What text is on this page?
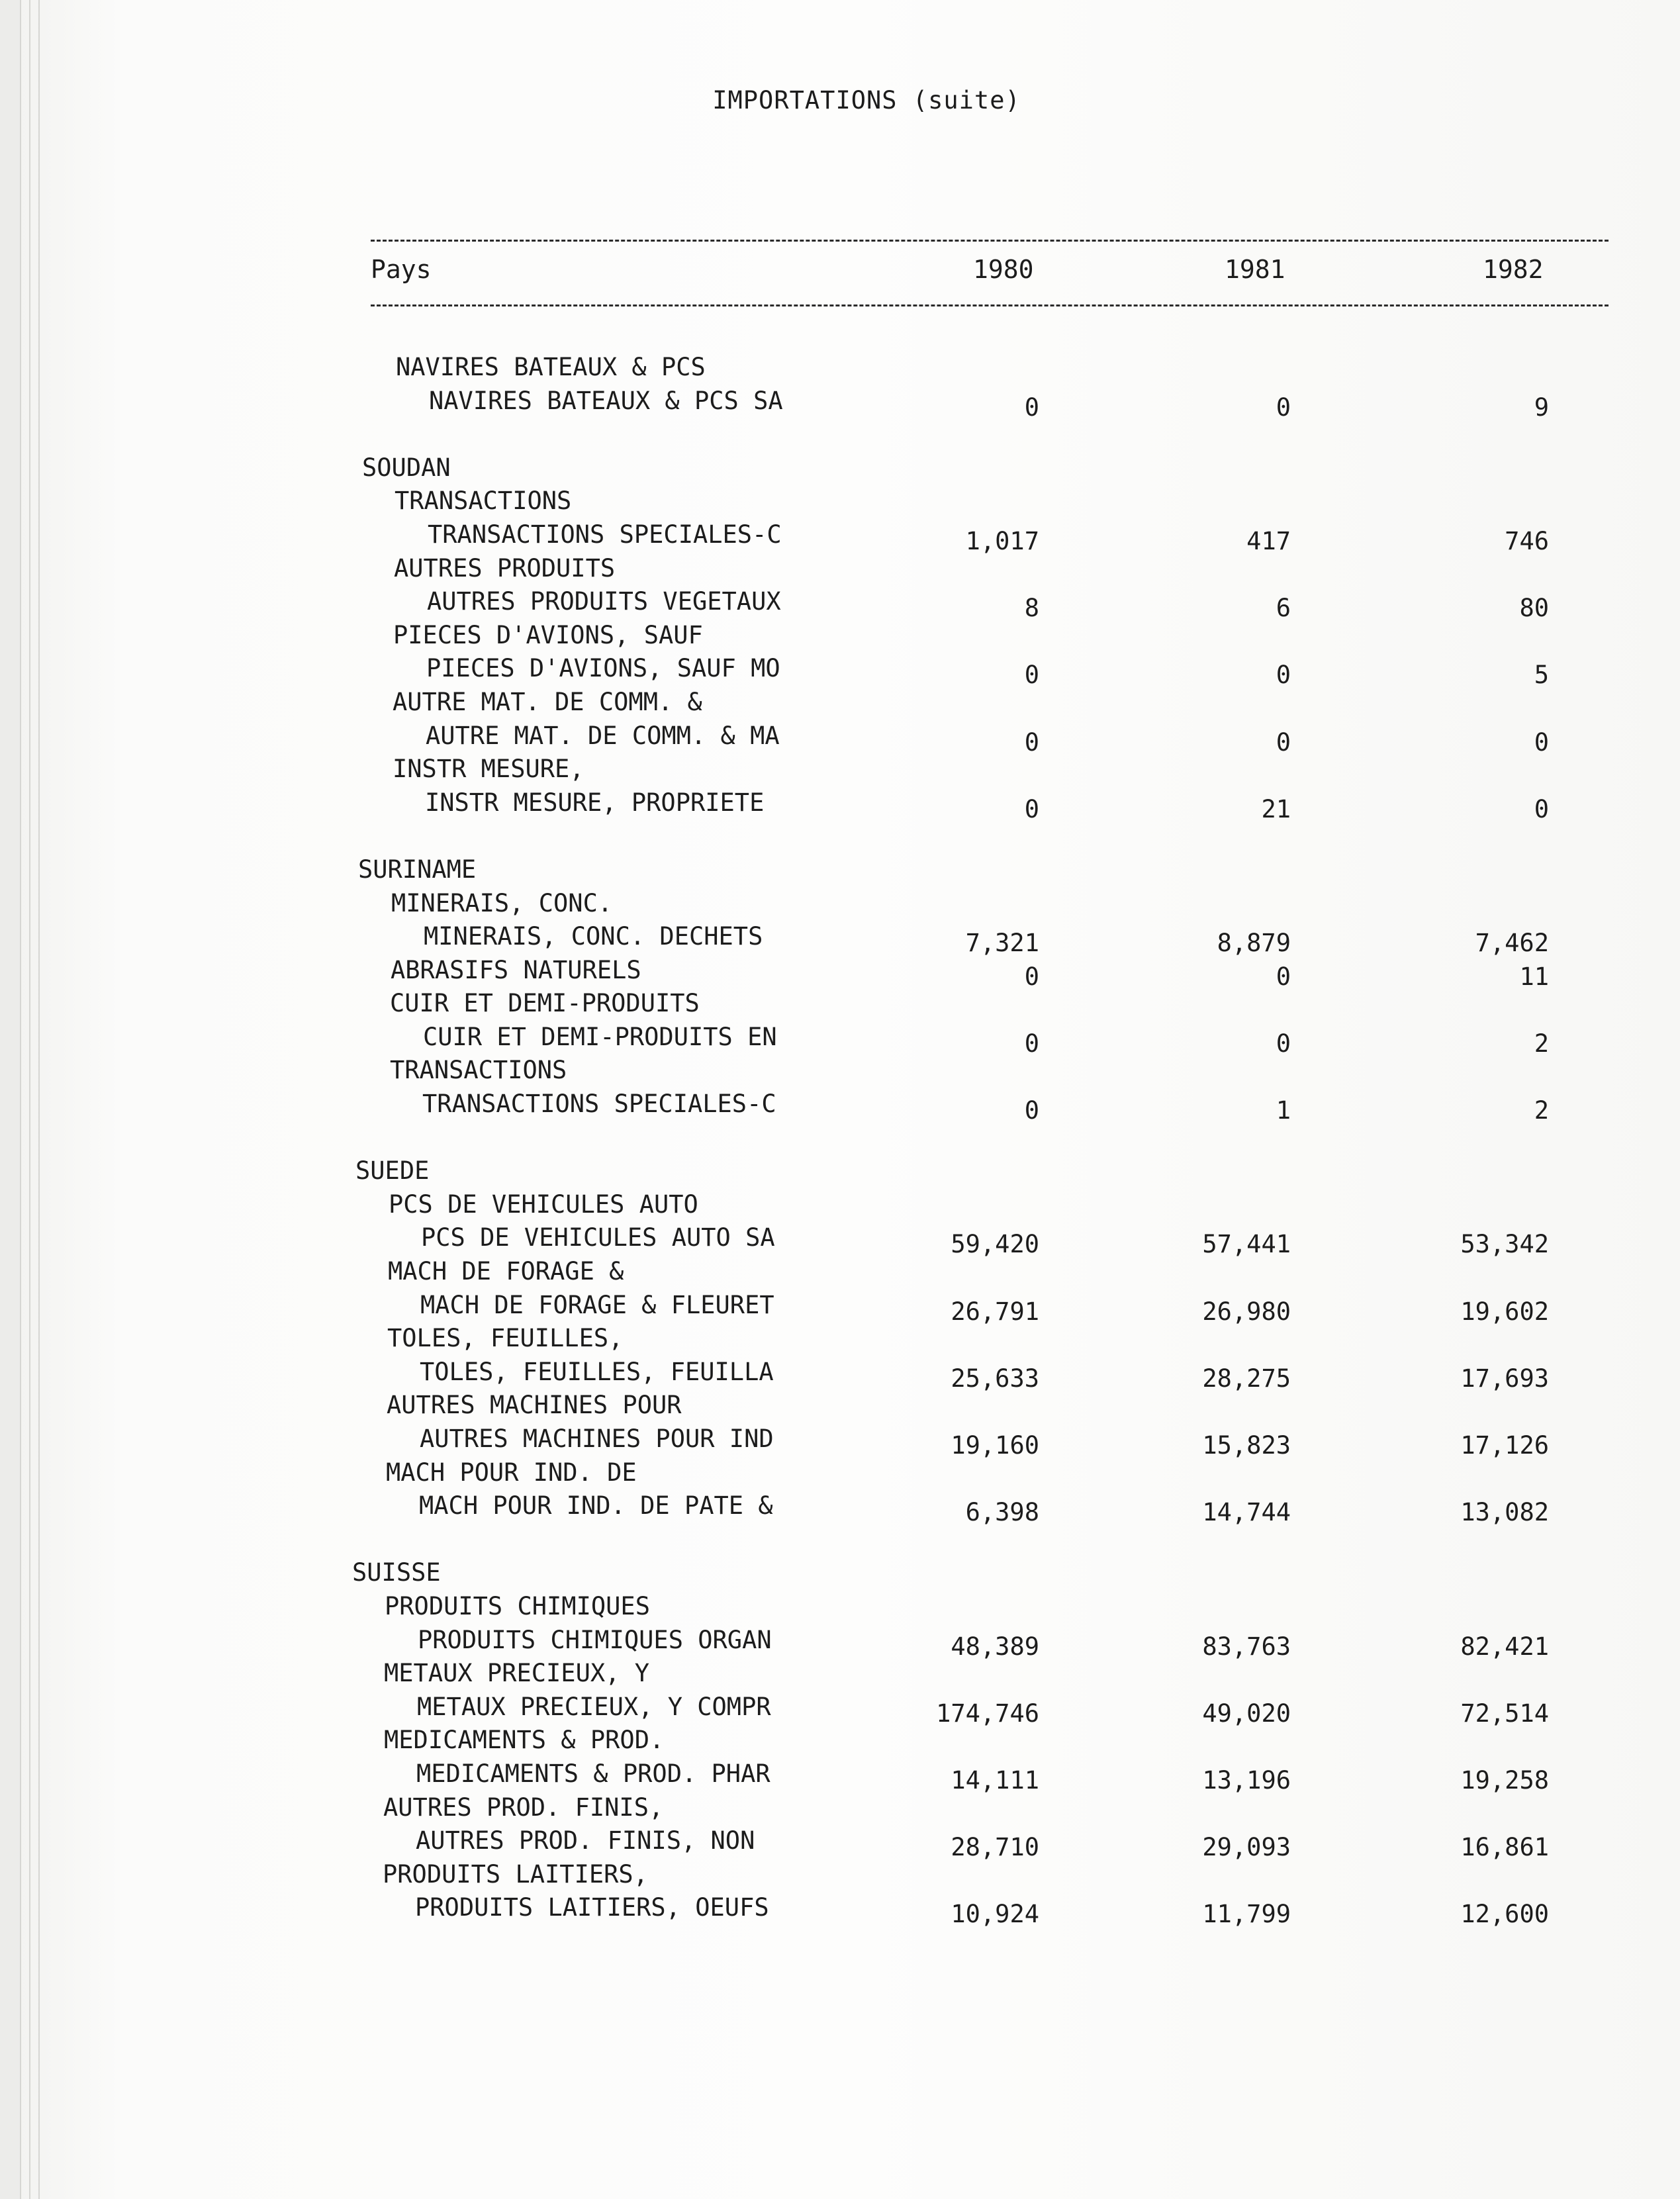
IMPORTATIONS (suite)
Pays	1980	1981	1982
NAVIRES BATEAUX & PCS
NAVIRES BATEAUX & PCS SA	0	0	9
SOUDAN
TRANSACTIONS
TRANSACTIONS SPECIALES-C	1,017	417	746
AUTRES PRODUITS
AUTRES PRODUITS VEGETAUX	8	6	80
PIECES D'AVIONS, SAUF
PIECES D'AVIONS, SAUF MO	0	0	5
AUTRE MAT. DE COMM. &
AUTRE MAT. DE COMM. & MA	0	0	0
INSTR MESURE,
INSTR MESURE, PROPRIETE	0	21	0
SURINAME
MINERAIS, CONC.
MINERAIS, CONC. DECHETS	7,321	8,879	7,462
ABRASIFS NATURELS	0	0	11
CUIR ET DEMI-PRODUITS
CUIR ET DEMI-PRODUITS EN	0	0	2
TRANSACTIONS
TRANSACTIONS SPECIALES-C	0	1	2
SUEDE
PCS DE VEHICULES AUTO
PCS DE VEHICULES AUTO SA	59,420	57,441	53,342
MACH DE FORAGE &
MACH DE FORAGE & FLEURET	26,791	26,980	19,602
TOLES, FEUILLES,
TOLES, FEUILLES, FEUILLA	25,633	28,275	17,693
AUTRES MACHINES POUR
AUTRES MACHINES POUR IND	19,160	15,823	17,126
MACH POUR IND. DE
MACH POUR IND. DE PATE &	6,398	14,744	13,082
SUISSE
PRODUITS CHIMIQUES
PRODUITS CHIMIQUES ORGAN	48,389	83,763	82,421
METAUX PRECIEUX, Y
METAUX PRECIEUX, Y COMPR	174,746	49,020	72,514
MEDICAMENTS & PROD.
MEDICAMENTS & PROD. PHAR	14,111	13,196	19,258
AUTRES PROD. FINIS,
AUTRES PROD. FINIS, NON	28,710	29,093	16,861
PRODUITS LAITIERS,
PRODUITS LAITIERS, OEUFS	10,924	11,799	12,600
